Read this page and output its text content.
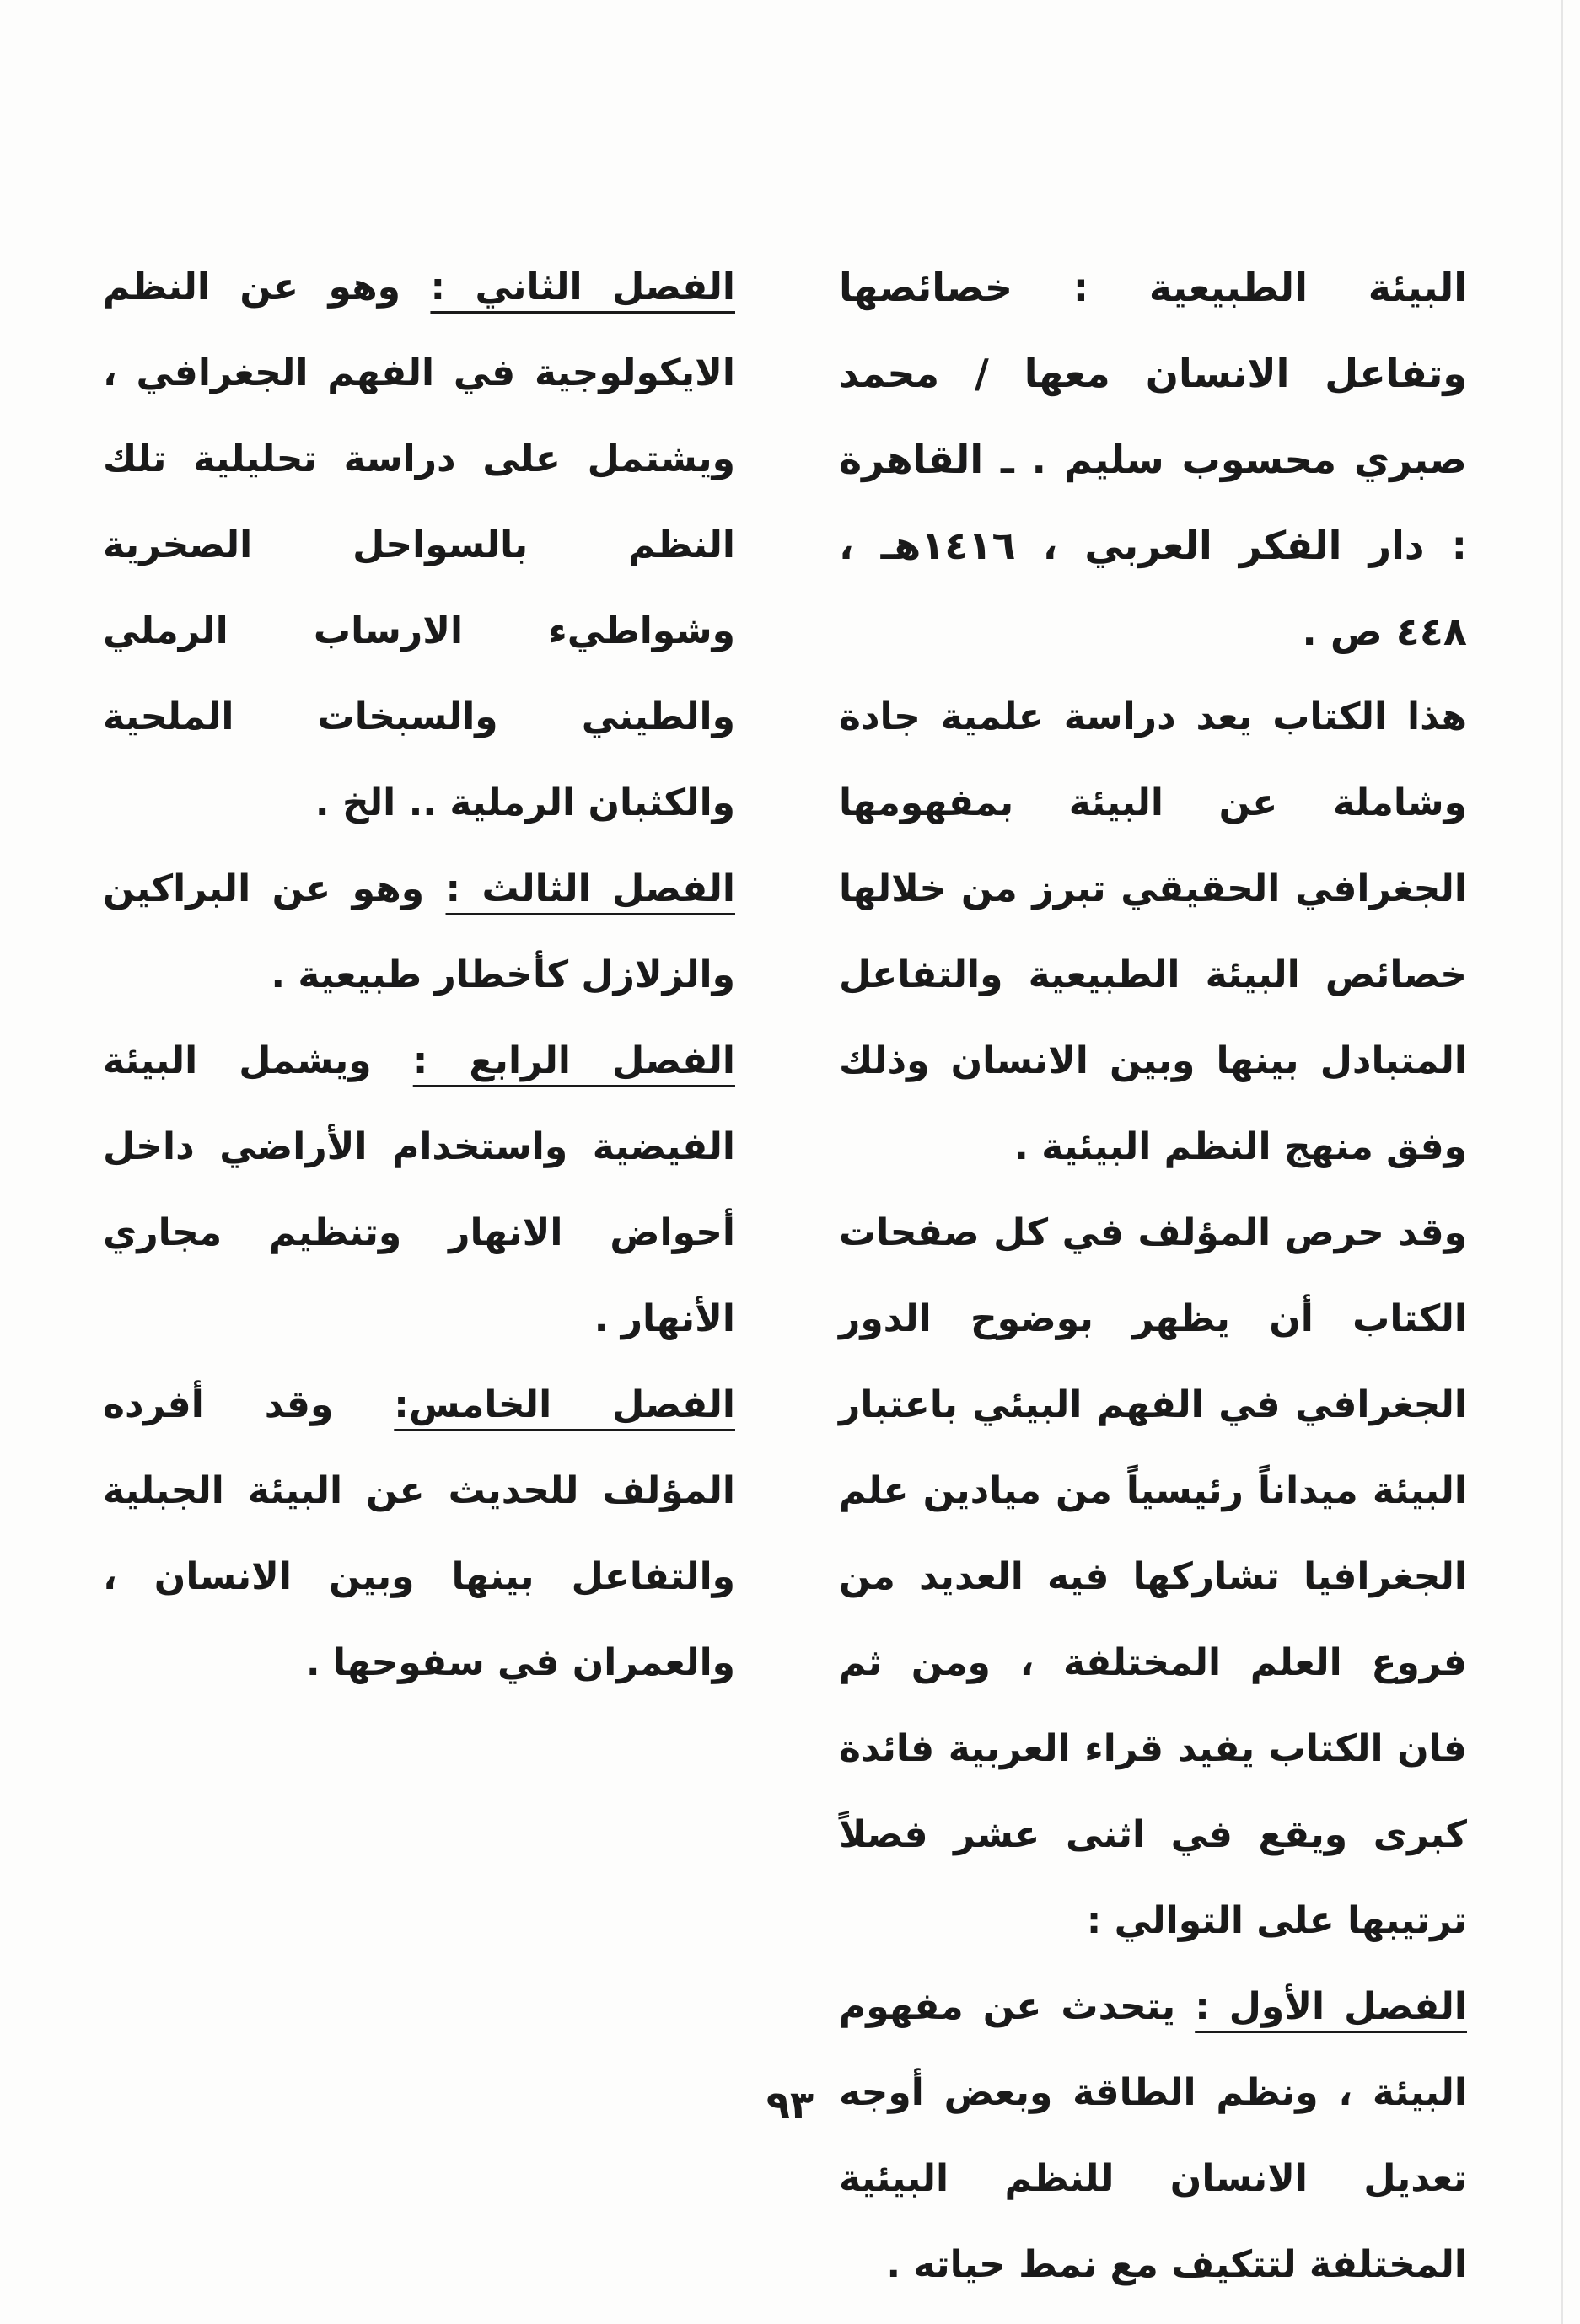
البيئة الطبيعية : خصائصها وتفاعل الانسان معها / محمد صبري محسوب سليم . ـ القاهرة : دار الفكر العربي ، ١٤١٦هـ ، ٤٤٨ ص .

هذا الكتاب يعد دراسة علمية جادة وشاملة عن البيئة بمفهومها الجغرافي الحقيقي تبرز من خلالها خصائص البيئة الطبيعية والتفاعل المتبادل بينها وبين الانسان وذلك وفق منهج النظم البيئية .

وقد حرص المؤلف في كل صفحات الكتاب أن يظهر بوضوح الدور الجغرافي في الفهم البيئي باعتبار البيئة ميداناً رئيسياً من ميادين علم الجغرافيا تشاركها فيه العديد من فروع العلم المختلفة ، ومن ثم فان الكتاب يفيد قراء العربية فائدة كبرى ويقع في اثنى عشر فصلاً ترتيبها على التوالي :

الفصل الأول : يتحدث عن مفهوم البيئة ، ونظم الطاقة وبعض أوجه تعديل الانسان للنظم البيئية المختلفة لتتكيف مع نمط حياته .

الفصل الثاني : وهو عن النظم الايكولوجية في الفهم الجغرافي ، ويشتمل على دراسة تحليلية تلك النظم بالسواحل الصخرية وشواطيء الارساب الرملي والطيني والسبخات الملحية والكثبان الرملية .. الخ .

الفصل الثالث : وهو عن البراكين والزلازل كأخطار طبيعية .

الفصل الرابع : ويشمل البيئة الفيضية واستخدام الأراضي داخل أحواض الانهار وتنظيم مجاري الأنهار .

الفصل الخامس: وقد أفرده المؤلف للحديث عن البيئة الجبلية والتفاعل بينها وبين الانسان ، والعمران في سفوحها .

٩٣
